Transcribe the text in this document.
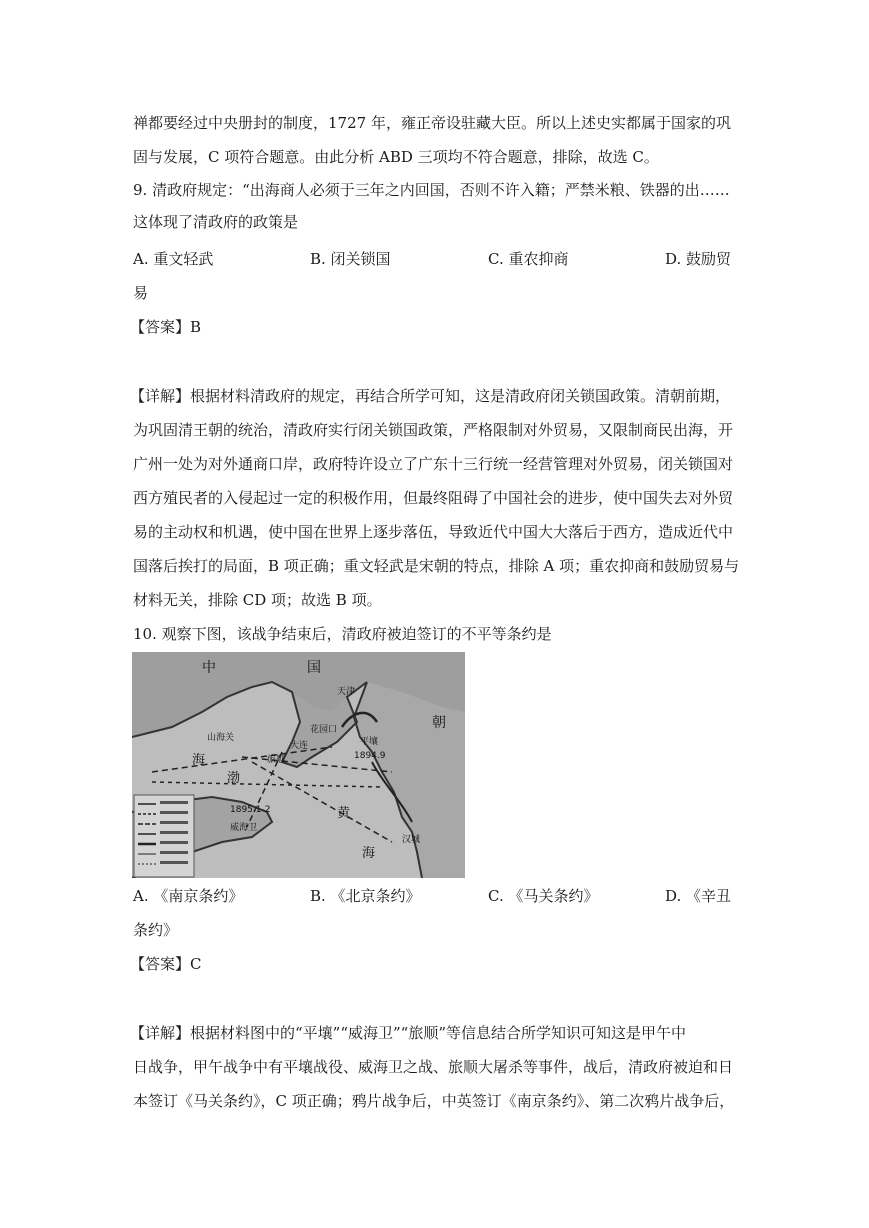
禅都要经过中央册封的制度，1727 年，雍正帝设驻藏大臣。所以上述史实都属于国家的巩
固与发展，C 项符合题意。由此分析 ABD 三项均不符合题意，排除，故选 C。
9. 清政府规定：“出海商人必须于三年之内回国，否则不许入籍；严禁米粮、铁器的出……
这体现了清政府的政策是
A. 重文轻武	B. 闭关锁国	C. 重农抑商	D. 鼓励贸
易
【答案】B
【详解】根据材料清政府的规定，再结合所学可知，这是清政府闭关锁国政策。清朝前期，
为巩固清王朝的统治，清政府实行闭关锁国政策，严格限制对外贸易，又限制商民出海，开
广州一处为对外通商口岸，政府特许设立了广东十三行统一经营管理对外贸易，闭关锁国对
西方殖民者的入侵起过一定的积极作用，但最终阻碍了中国社会的进步，使中国失去对外贸
易的主动权和机遇，使中国在世界上逐步落伍，导致近代中国大大落后于西方，造成近代中
国落后挨打的局面，B 项正确；重文轻武是宋朝的特点，排除 A 项；重农抑商和鼓励贸易与
材料无关，排除 CD 项；故选 B 项。
10. 观察下图，该战争结束后，清政府被迫签订的不平等条约是
中	国
朝
山海关
渤
海
黄
海
威海卫
1895.1-2
旅顺
大连
花园口
汉城
平壤
天津
1894.9
A. 《南京条约》	B. 《北京条约》	C. 《马关条约》	D. 《辛丑
条约》
【答案】C
【详解】根据材料图中的“平壤”“威海卫”“旅顺”等信息结合所学知识可知这是甲午中
日战争，甲午战争中有平壤战役、威海卫之战、旅顺大屠杀等事件，战后，清政府被迫和日
本签订《马关条约》，C 项正确；鸦片战争后，中英签订《南京条约》、第二次鸦片战争后，
